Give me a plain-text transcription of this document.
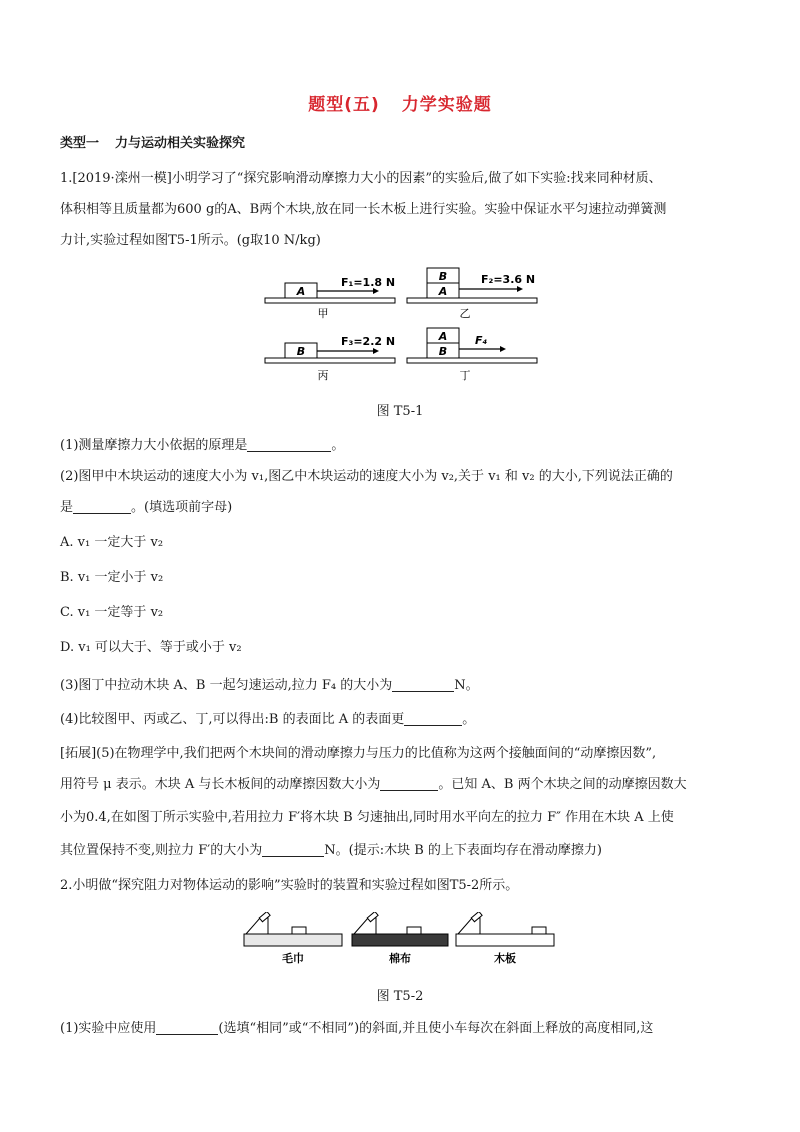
题型(五) 力学实验题
类型一 力与运动相关实验探究
1.[2019·滦州一模]小明学习了“探究影响滑动摩擦力大小的因素”的实验后,做了如下实验:找来同种材质、
体积相等且质量都为600 g的A、B两个木块,放在同一长木板上进行实验。实验中保证水平匀速拉动弹簧测
力计,实验过程如图T5-1所示。(g取10 N/kg)
A
F₁=1.8 N
甲
B
A
F₂=3.6 N
乙
B
F₃=2.2 N
丙
A
B
F₄
丁
图 T5-1
(1)测量摩擦力大小依据的原理是	。
(2)图甲中木块运动的速度大小为 v₁,图乙中木块运动的速度大小为 v₂,关于 v₁ 和 v₂ 的大小,下列说法正确的
是	。(填选项前字母)
A. v₁ 一定大于 v₂
B. v₁ 一定小于 v₂
C. v₁ 一定等于 v₂
D. v₁ 可以大于、等于或小于 v₂
(3)图丁中拉动木块 A、B 一起匀速运动,拉力 F₄ 的大小为	N。
(4)比较图甲、丙或乙、丁,可以得出:B 的表面比 A 的表面更	。
[拓展](5)在物理学中,我们把两个木块间的滑动摩擦力与压力的比值称为这两个接触面间的“动摩擦因数”,
用符号 μ 表示。木块 A 与长木板间的动摩擦因数大小为	。已知 A、B 两个木块之间的动摩擦因数大
小为0.4,在如图丁所示实验中,若用拉力 F′将木块 B 匀速抽出,同时用水平向左的拉力 F″ 作用在木块 A 上使
其位置保持不变,则拉力 F′的大小为	N。(提示:木块 B 的上下表面均存在滑动摩擦力)
2.小明做“探究阻力对物体运动的影响”实验时的装置和实验过程如图T5-2所示。
毛巾	棉布	木板
图 T5-2
(1)实验中应使用	(选填“相同”或“不相同”)的斜面,并且使小车每次在斜面上释放的高度相同,这
